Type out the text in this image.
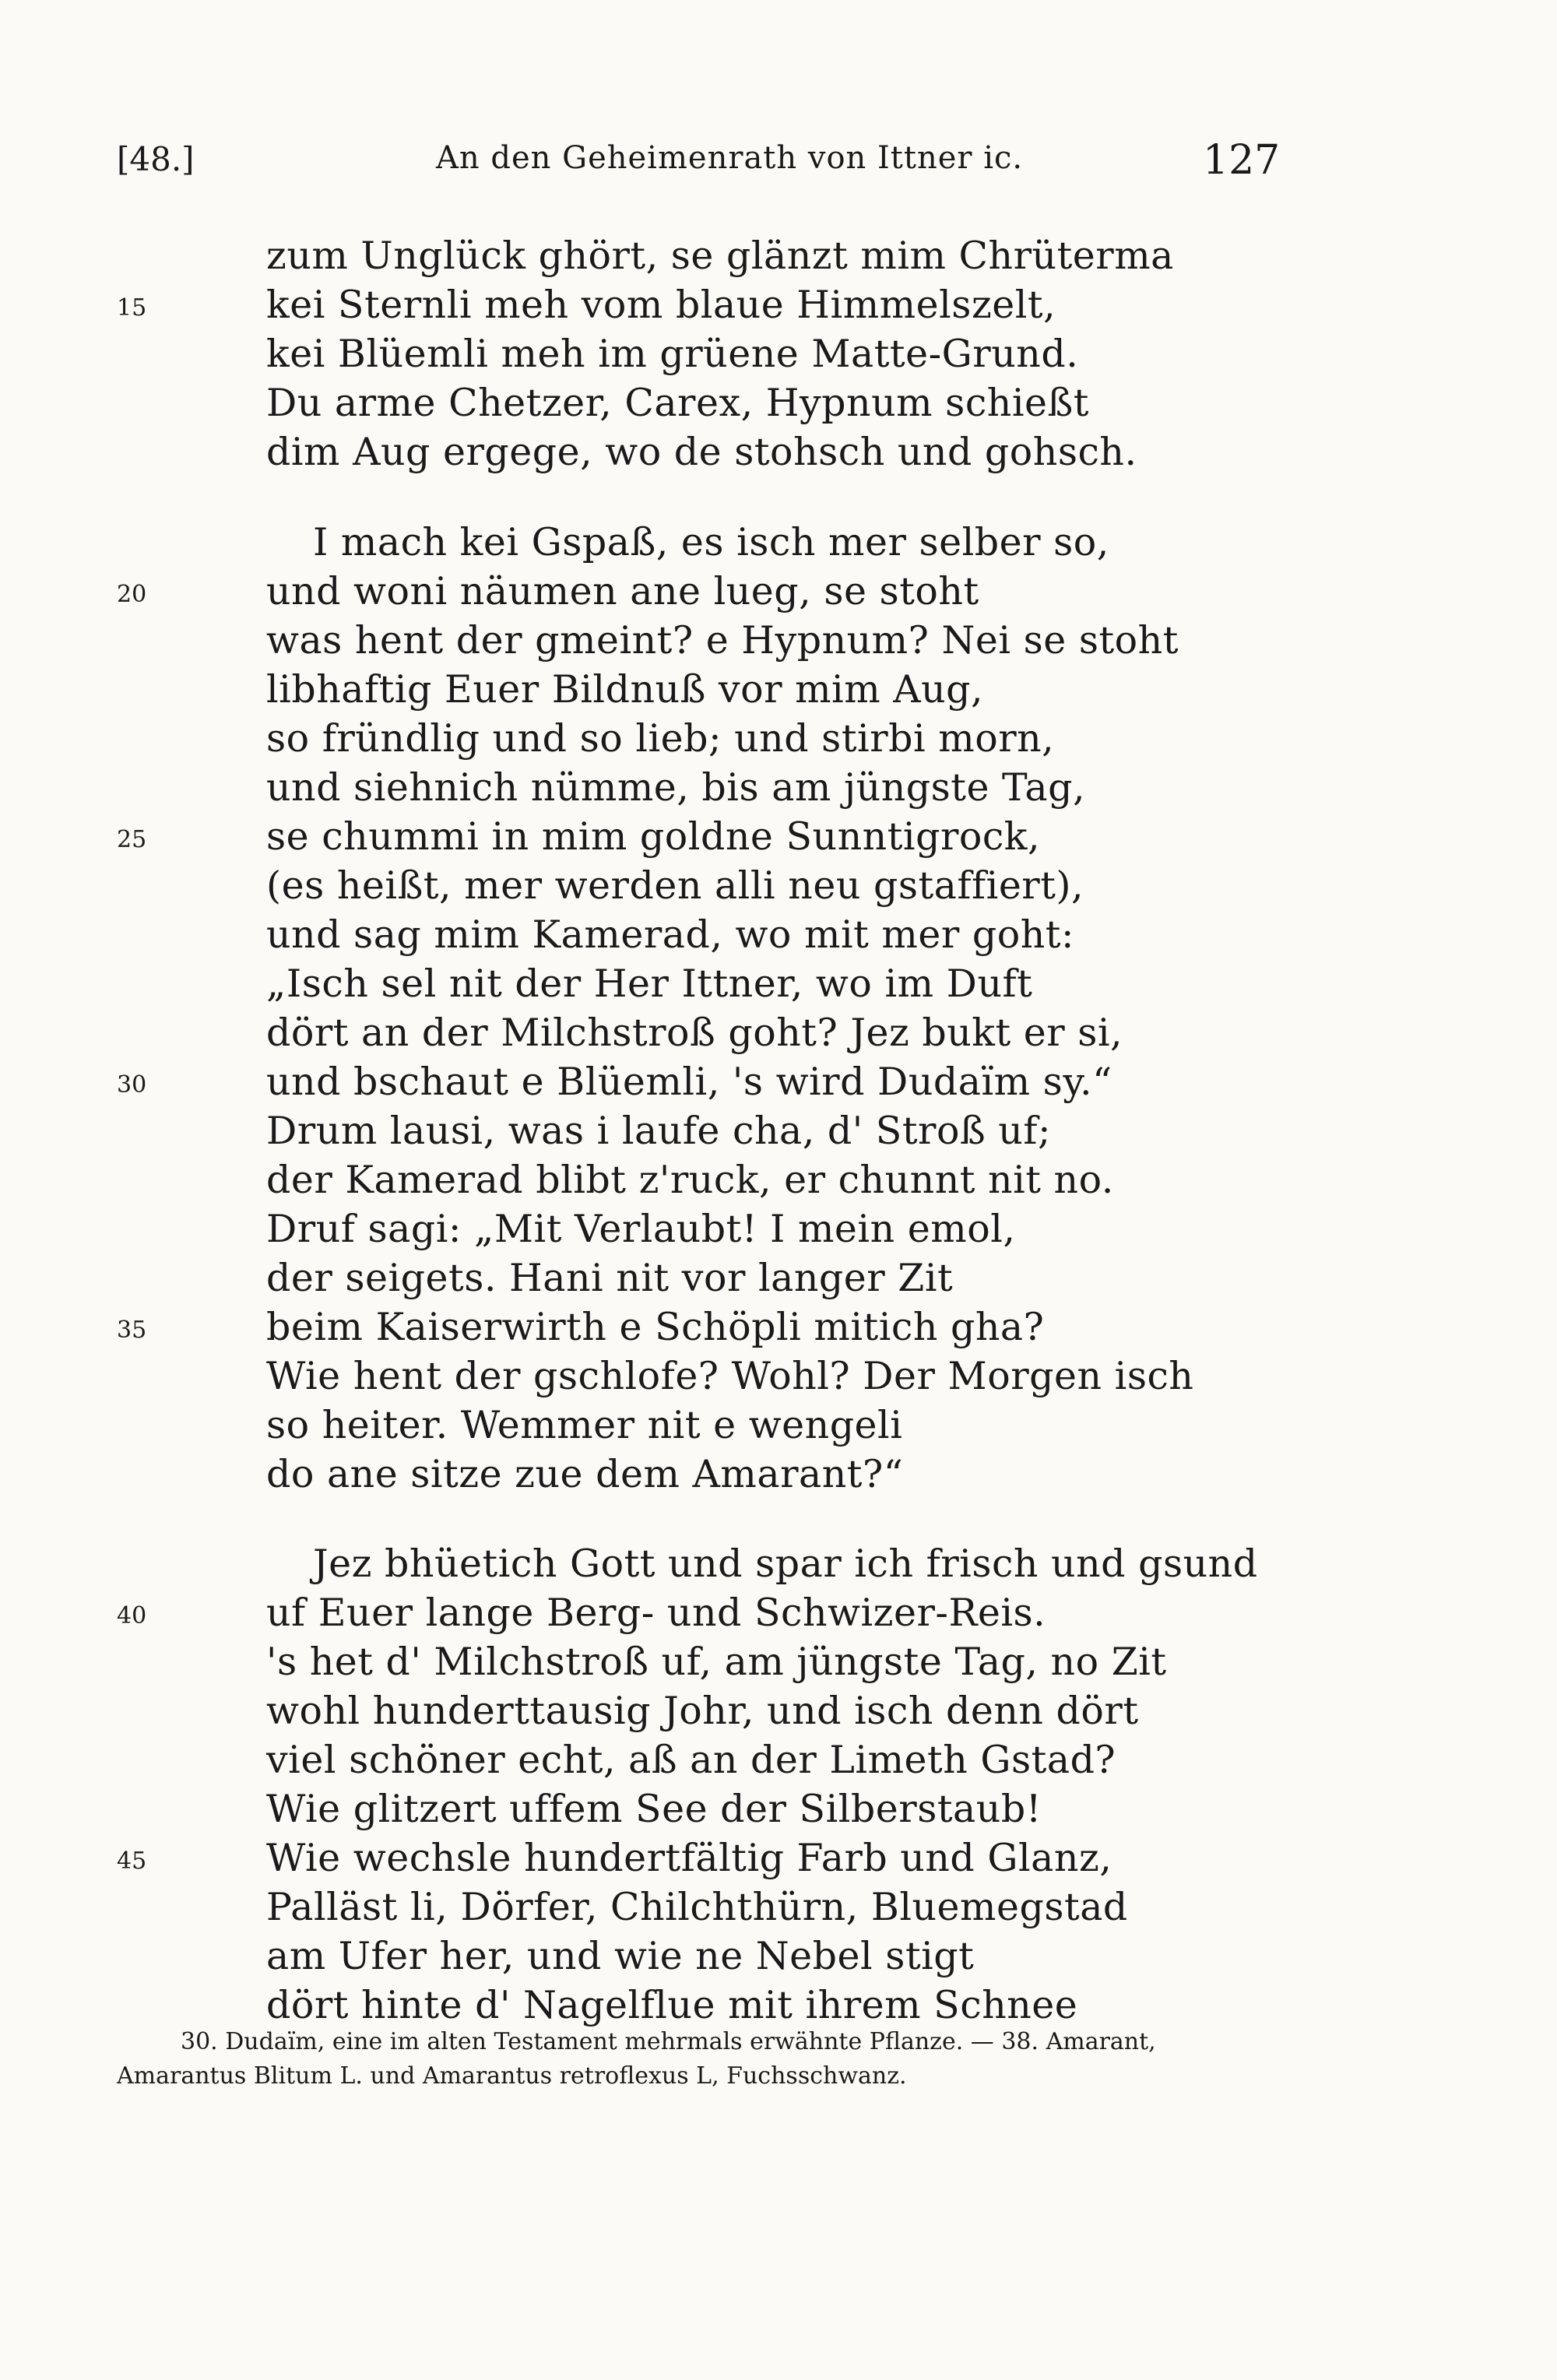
[48.]	An den Geheimenrath von Ittner ic.	127
zum Unglück ghört, se glänzt mim Chrüterma
kei Sternli meh vom blaue Himmelszelt,
kei Blüemli meh im grüene Matte-Grund.
Du arme Chetzer, Carex, Hypnum schießt
dim Aug ergege, wo de stohsch und gohsch.
I mach kei Gspaß, es isch mer selber so,
und woni näumen ane lueg, se stoht
was hent der gmeint? e Hypnum? Nei se stoht
libhaftig Euer Bildnuß vor mim Aug,
so fründlig und so lieb; und stirbi morn,
und siehnich nümme, bis am jüngste Tag,
se chummi in mim goldne Sunntigrock,
(es heißt, mer werden alli neu gstaffiert),
und sag mim Kamerad, wo mit mer goht:
„Isch sel nit der Her Ittner, wo im Duft
dört an der Milchstroß goht? Jez bukt er si,
und bschaut e Blüemli, 's wird Dudaïm sy.“
Drum lausi, was i laufe cha, d' Stroß uf;
der Kamerad blibt z'ruck, er chunnt nit no.
Druf sagi: „Mit Verlaubt! I mein emol,
der seigets. Hani nit vor langer Zit
beim Kaiserwirth e Schöpli mitich gha?
Wie hent der gschlofe? Wohl? Der Morgen isch
so heiter. Wemmer nit e wengeli
do ane sitze zue dem Amarant?“
Jez bhüetich Gott und spar ich frisch und gsund
uf Euer lange Berg- und Schwizer-Reis.
's het d' Milchstroß uf, am jüngste Tag, no Zit
wohl hunderttausig Johr, und isch denn dört
viel schöner echt, aß an der Limeth Gstad?
Wie glitzert uffem See der Silberstaub!
Wie wechsle hundertfältig Farb und Glanz,
Palläst li, Dörfer, Chilchthürn, Bluemegstad
am Ufer her, und wie ne Nebel stigt
dört hinte d' Nagelflue mit ihrem Schnee
15
20
25
30
35
40
45
30. Dudaïm, eine im alten Testament mehrmals erwähnte Pflanze. — 38. Amarant,
Amarantus Blitum L. und Amarantus retroflexus L, Fuchsschwanz.
